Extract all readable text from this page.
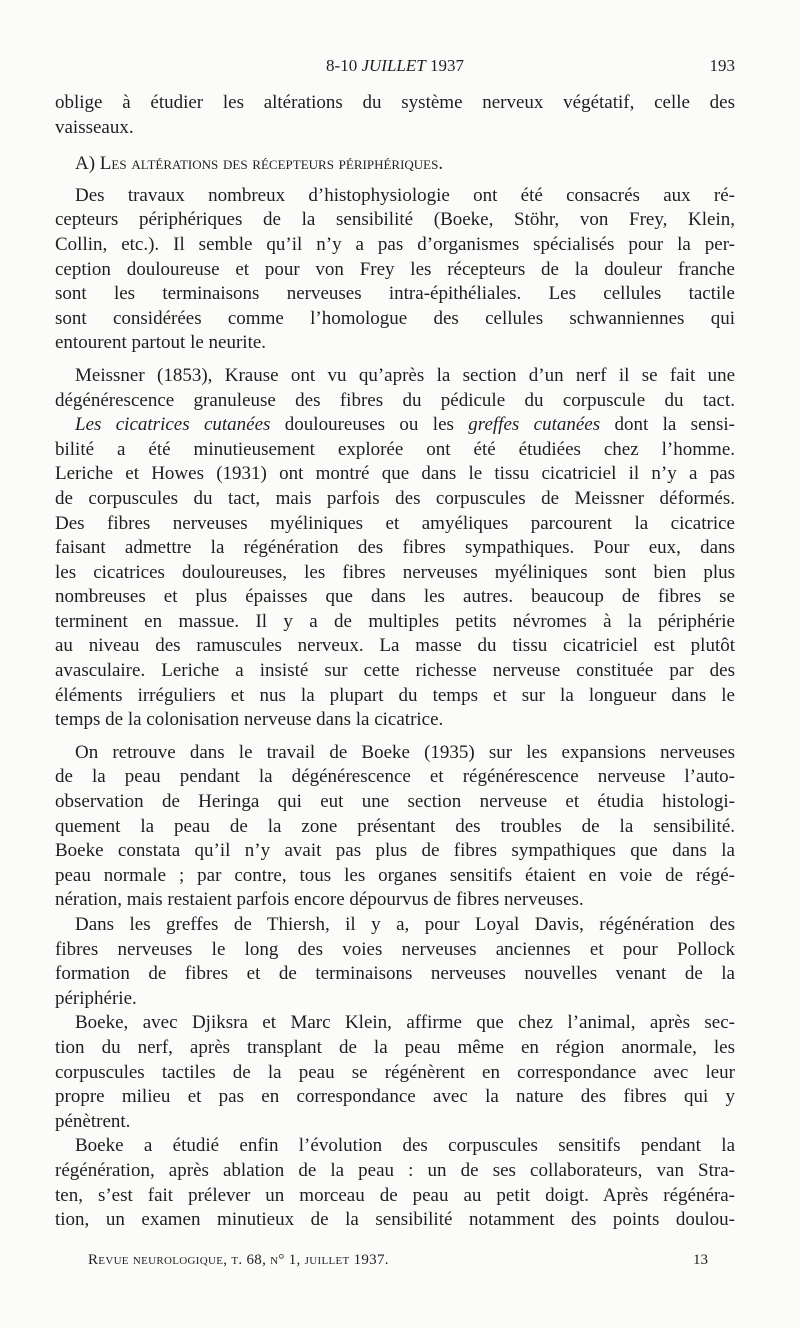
8-10 JUILLET 1937	193
oblige à étudier les altérations du système nerveux végétatif, celle des
vaisseaux.
A) Les altérations des récepteurs périphériques.
Des travaux nombreux d’histophysiologie ont été consacrés aux ré-
cepteurs périphériques de la sensibilité (Boeke, Stöhr, von Frey, Klein,
Collin, etc.). Il semble qu’il n’y a pas d’organismes spécialisés pour la per-
ception douloureuse et pour von Frey les récepteurs de la douleur franche
sont les terminaisons nerveuses intra-épithéliales. Les cellules tactile
sont considérées comme l’homologue des cellules schwanniennes qui
entourent partout le neurite.
Meissner (1853), Krause ont vu qu’après la section d’un nerf il se fait une
dégénérescence granuleuse des fibres du pédicule du corpuscule du tact.
Les cicatrices cutanées douloureuses ou les greffes cutanées dont la sensi-
bilité a été minutieusement explorée ont été étudiées chez l’homme.
Leriche et Howes (1931) ont montré que dans le tissu cicatriciel il n’y a pas
de corpuscules du tact, mais parfois des corpuscules de Meissner déformés.
Des fibres nerveuses myéliniques et amyéliques parcourent la cicatrice
faisant admettre la régénération des fibres sympathiques. Pour eux, dans
les cicatrices douloureuses, les fibres nerveuses myéliniques sont bien plus
nombreuses et plus épaisses que dans les autres. beaucoup de fibres se
terminent en massue. Il y a de multiples petits névromes à la périphérie
au niveau des ramuscules nerveux. La masse du tissu cicatriciel est plutôt
avasculaire. Leriche a insisté sur cette richesse nerveuse constituée par des
éléments irréguliers et nus la plupart du temps et sur la longueur dans le
temps de la colonisation nerveuse dans la cicatrice.
On retrouve dans le travail de Boeke (1935) sur les expansions nerveuses
de la peau pendant la dégénérescence et régénérescence nerveuse l’auto-
observation de Heringa qui eut une section nerveuse et étudia histologi-
quement la peau de la zone présentant des troubles de la sensibilité.
Boeke constata qu’il n’y avait pas plus de fibres sympathiques que dans la
peau normale ; par contre, tous les organes sensitifs étaient en voie de régé-
nération, mais restaient parfois encore dépourvus de fibres nerveuses.
Dans les greffes de Thiersh, il y a, pour Loyal Davis, régénération des
fibres nerveuses le long des voies nerveuses anciennes et pour Pollock
formation de fibres et de terminaisons nerveuses nouvelles venant de la
périphérie.
Boeke, avec Djiksra et Marc Klein, affirme que chez l’animal, après sec-
tion du nerf, après transplant de la peau même en région anormale, les
corpuscules tactiles de la peau se régénèrent en correspondance avec leur
propre milieu et pas en correspondance avec la nature des fibres qui y
pénètrent.
Boeke a étudié enfin l’évolution des corpuscules sensitifs pendant la
régénération, après ablation de la peau : un de ses collaborateurs, van Stra-
ten, s’est fait prélever un morceau de peau au petit doigt. Après régénéra-
tion, un examen minutieux de la sensibilité notamment des points doulou-
Revue neurologique, t. 68, n° 1, juillet 1937.	13
